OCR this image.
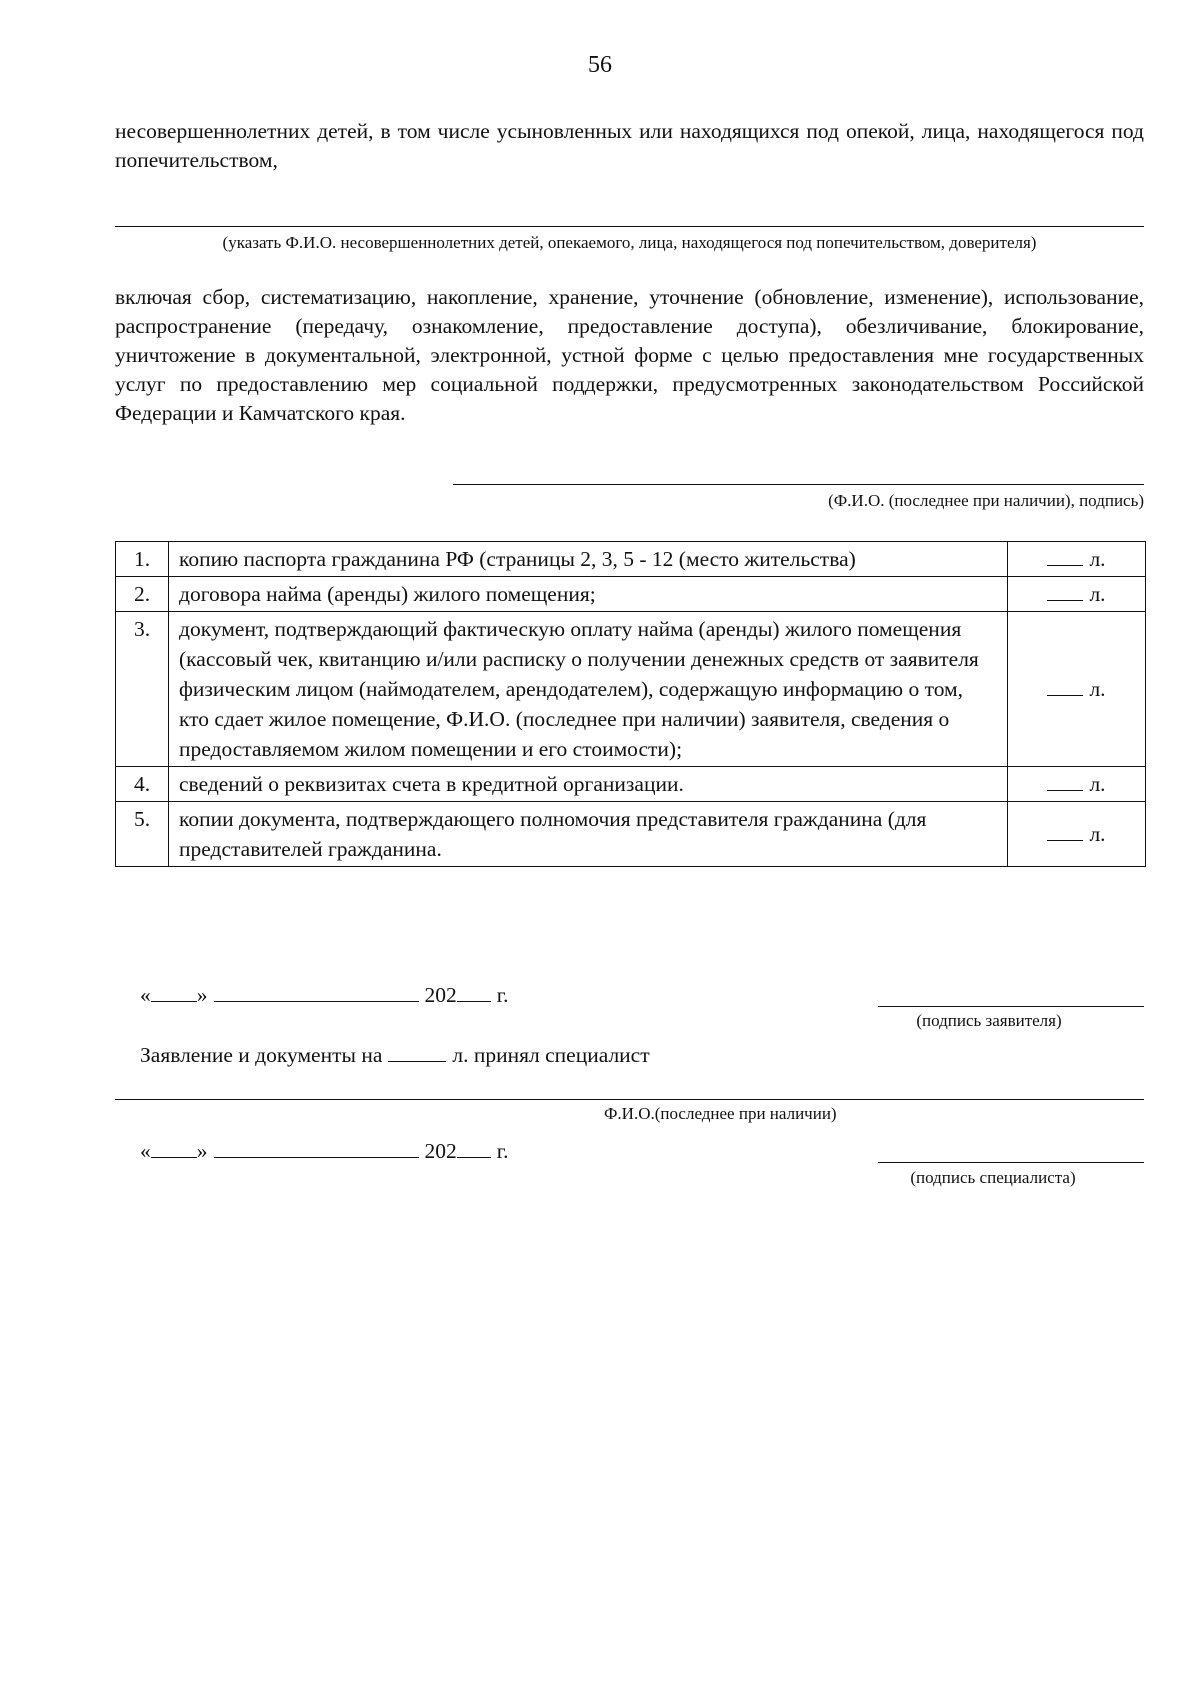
56
несовершеннолетних детей, в том числе усыновленных или находящихся под опекой, лица, находящегося под попечительством,
(указать Ф.И.О. несовершеннолетних детей, опекаемого, лица, находящегося под попечительством, доверителя)
включая сбор, систематизацию, накопление, хранение, уточнение (обновление, изменение), использование, распространение (передачу, ознакомление, предоставление доступа), обезличивание, блокирование, уничтожение в документальной, электронной, устной форме с целью предоставления мне государственных услуг по предоставлению мер социальной поддержки, предусмотренных законодательством Российской Федерации и Камчатского края.
(Ф.И.О. (последнее при наличии), подпись)
1.	копию паспорта гражданина РФ (страницы 2, 3, 5 - 12 (место жительства)	л.
2.	договора найма (аренды) жилого помещения;	л.
3.	документ, подтверждающий фактическую оплату найма (аренды) жилого помещения (кассовый чек, квитанцию и/или расписку о получении денежных средств от заявителя физическим лицом (наймодателем, арендодателем), содержащую информацию о том, кто сдает жилое помещение, Ф.И.О. (последнее при наличии) заявителя, сведения о предоставляемом жилом помещении и его стоимости);	л.
4.	сведений о реквизитах счета в кредитной организации.	л.
5.	копии документа, подтверждающего полномочия представителя гражданина (для представителей гражданина.	л.
« »	202 г.
(подпись заявителя)
Заявление и документы на	л. принял специалист
Ф.И.О.(последнее при наличии)
« »	202 г.
(подпись специалиста)
